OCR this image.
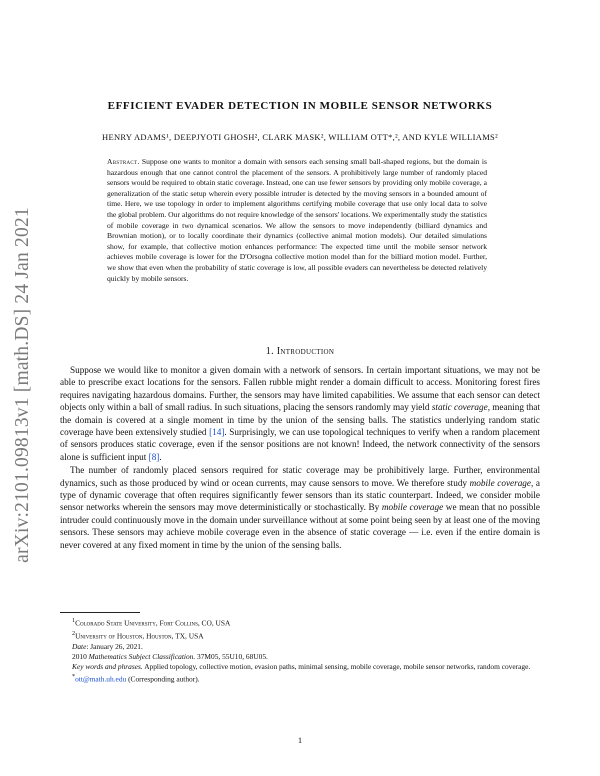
arXiv:2101.09813v1 [math.DS] 24 Jan 2021
EFFICIENT EVADER DETECTION IN MOBILE SENSOR NETWORKS
HENRY ADAMS¹, DEEPJYOTI GHOSH², CLARK MASK², WILLIAM OTT*,², AND KYLE WILLIAMS²
Abstract. Suppose one wants to monitor a domain with sensors each sensing small ball-shaped regions, but the domain is hazardous enough that one cannot control the placement of the sensors. A prohibitively large number of randomly placed sensors would be required to obtain static coverage. Instead, one can use fewer sensors by providing only mobile coverage, a generalization of the static setup wherein every possible intruder is detected by the moving sensors in a bounded amount of time. Here, we use topology in order to implement algorithms certifying mobile coverage that use only local data to solve the global problem. Our algorithms do not require knowledge of the sensors' locations. We experimentally study the statistics of mobile coverage in two dynamical scenarios. We allow the sensors to move independently (billiard dynamics and Brownian motion), or to locally coordinate their dynamics (collective animal motion models). Our detailed simulations show, for example, that collective motion enhances performance: The expected time until the mobile sensor network achieves mobile coverage is lower for the D'Orsogna collective motion model than for the billiard motion model. Further, we show that even when the probability of static coverage is low, all possible evaders can nevertheless be detected relatively quickly by mobile sensors.
1. Introduction

Suppose we would like to monitor a given domain with a network of sensors. In certain important situations, we may not be able to prescribe exact locations for the sensors. Fallen rubble might render a domain difficult to access. Monitoring forest fires requires navigating hazardous domains. Further, the sensors may have limited capabilities. We assume that each sensor can detect objects only within a ball of small radius. In such situations, placing the sensors randomly may yield static coverage, meaning that the domain is covered at a single moment in time by the union of the sensing balls. The statistics underlying random static coverage have been extensively studied [14]. Surprisingly, we can use topological techniques to verify when a random placement of sensors produces static coverage, even if the sensor positions are not known! Indeed, the network connectivity of the sensors alone is sufficient input [8].

The number of randomly placed sensors required for static coverage may be prohibitively large. Further, environmental dynamics, such as those produced by wind or ocean currents, may cause sensors to move. We therefore study mobile coverage, a type of dynamic coverage that often requires significantly fewer sensors than its static counterpart. Indeed, we consider mobile sensor networks wherein the sensors may move deterministically or stochastically. By mobile coverage we mean that no possible intruder could continuously move in the domain under surveillance without at some point being seen by at least one of the moving sensors. These sensors may achieve mobile coverage even in the absence of static coverage — i.e. even if the entire domain is never covered at any fixed moment in time by the union of the sensing balls.

$^1$Colorado State University, Fort Collins, CO, USA
$^2$University of Houston, Houston, TX, USA
Date: January 26, 2021.
2010 Mathematics Subject Classification. 37M05, 55U10, 68U05.
Key words and phrases. Applied topology, collective motion, evasion paths, minimal sensing, mobile coverage, mobile sensor networks, random coverage.
*ott@math.uh.edu (Corresponding author).
1
